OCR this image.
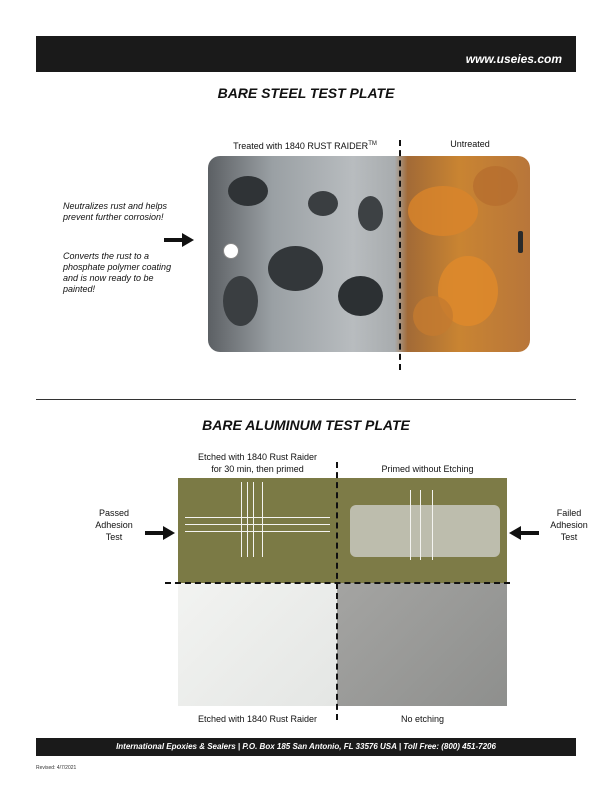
www.useies.com
BARE STEEL TEST PLATE
Treated with 1840 RUST RAIDER™	Untreated
Neutralizes rust and helps prevent further corrosion!
Converts the rust to a phosphate polymer coating and is now ready to be painted!
BARE ALUMINUM TEST PLATE
Etched with 1840 Rust Raider
for 30 min, then primed	Primed without Etching
Passed
Adhesion
Test
Failed
Adhesion
Test
Etched with 1840 Rust Raider	No etching
International Epoxies & Sealers | P.O. Box 185 San Antonio, FL 33576 USA | Toll Free: (800) 451-7206
Revised: 4/7/2021
